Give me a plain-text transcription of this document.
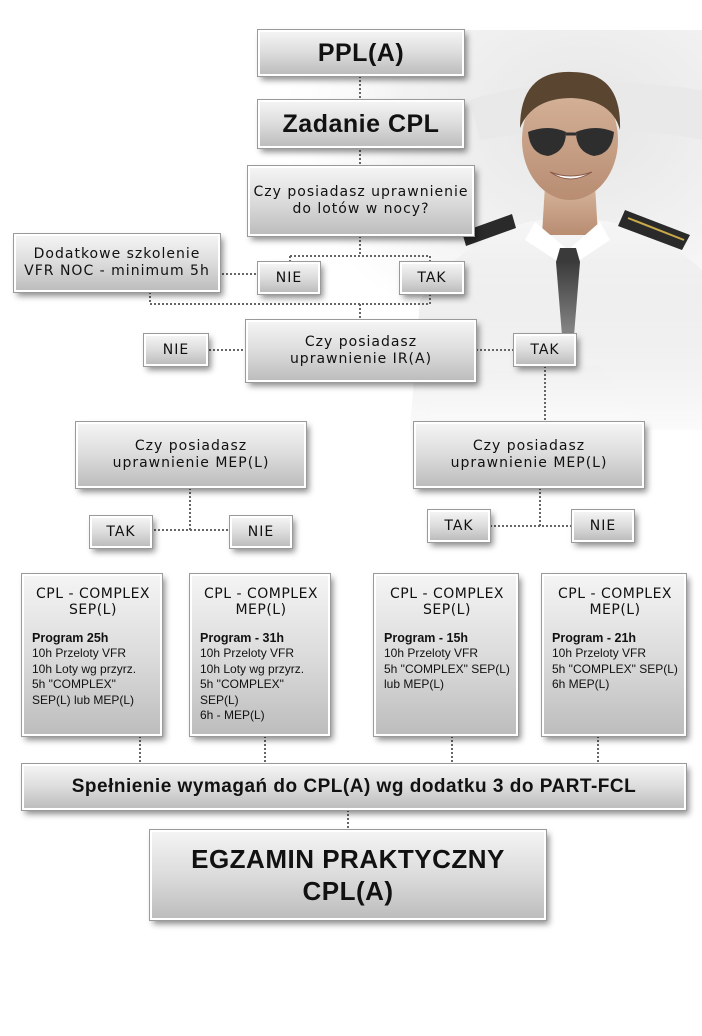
PPL(A)
Zadanie CPL
Czy posiadasz uprawnienie
do lotów w nocy?
Dodatkowe szkolenie
VFR NOC - minimum 5h	NIE	TAK
NIE	Czy posiadasz
uprawnienie IR(A)
TAK
Czy posiadasz
uprawnienie MEP(L)
Czy posiadasz
uprawnienie MEP(L)
TAK	NIE	TAK	NIE
CPL - COMPLEX
SEP(L)
Program 25h
10h Przeloty VFR
10h Loty wg przyrz.
5h "COMPLEX"
SEP(L) lub MEP(L)
CPL - COMPLEX
MEP(L)
Program - 31h
10h Przeloty VFR
10h Loty wg przyrz.
5h "COMPLEX" SEP(L)
6h - MEP(L)
CPL - COMPLEX
SEP(L)
Program - 15h
10h Przeloty VFR
5h "COMPLEX" SEP(L)
lub MEP(L)
CPL - COMPLEX
MEP(L)
Program - 21h
10h Przeloty VFR
5h "COMPLEX" SEP(L)
6h MEP(L)
Spełnienie wymagań do CPL(A) wg dodatku 3 do PART-FCL
EGZAMIN PRAKTYCZNY
CPL(A)
